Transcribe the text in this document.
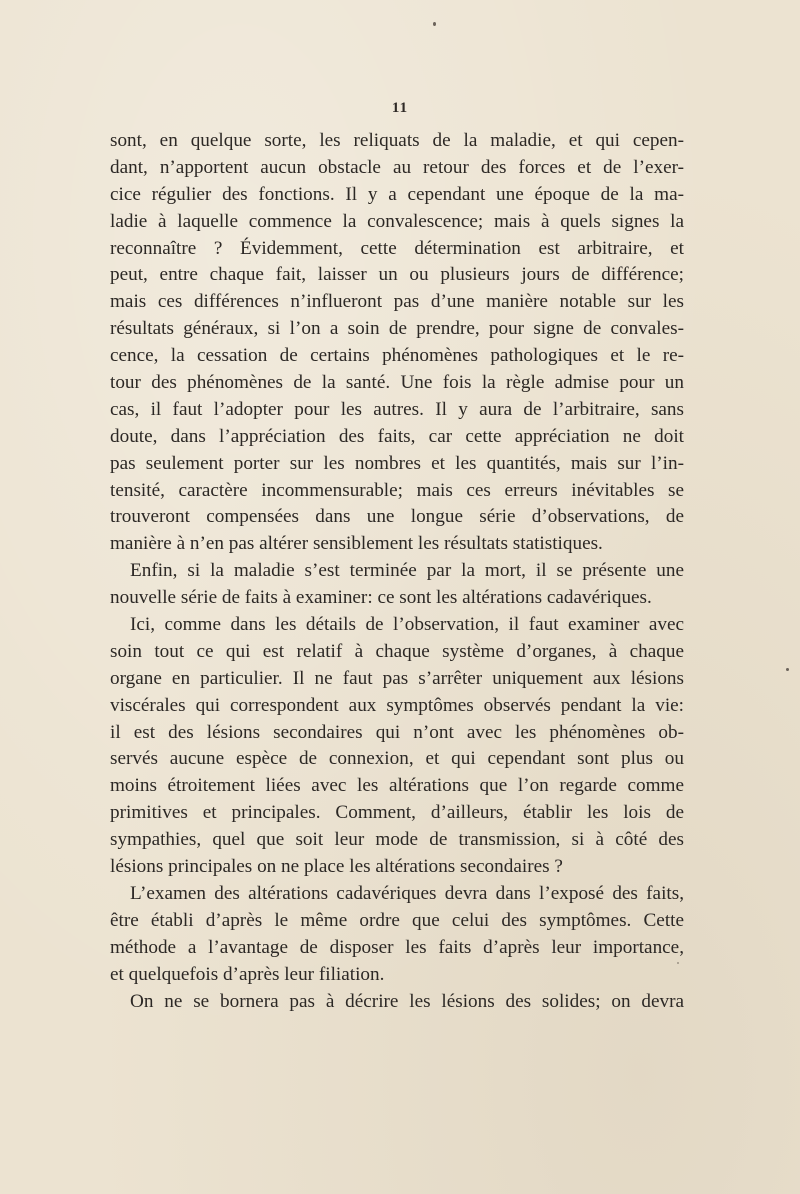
11
sont, en quelque sorte, les reliquats de la maladie, et qui cepen-
dant, n’apportent aucun obstacle au retour des forces et de l’exer-
cice régulier des fonctions. Il y a cependant une époque de la ma-
ladie à laquelle commence la convalescence; mais à quels signes la
reconnaître ? Évidemment, cette détermination est arbitraire, et
peut, entre chaque fait, laisser un ou plusieurs jours de différence;
mais ces différences n’influeront pas d’une manière notable sur les
résultats généraux, si l’on a soin de prendre, pour signe de convales-
cence, la cessation de certains phénomènes pathologiques et le re-
tour des phénomènes de la santé. Une fois la règle admise pour un
cas, il faut l’adopter pour les autres. Il y aura de l’arbitraire, sans
doute, dans l’appréciation des faits, car cette appréciation ne doit
pas seulement porter sur les nombres et les quantités, mais sur l’in-
tensité, caractère incommensurable; mais ces erreurs inévitables se
trouveront compensées dans une longue série d’observations, de
manière à n’en pas altérer sensiblement les résultats statistiques.
Enfin, si la maladie s’est terminée par la mort, il se présente une
nouvelle série de faits à examiner: ce sont les altérations cadavériques.
Ici, comme dans les détails de l’observation, il faut examiner avec
soin tout ce qui est relatif à chaque système d’organes, à chaque
organe en particulier. Il ne faut pas s’arrêter uniquement aux lésions
viscérales qui correspondent aux symptômes observés pendant la vie:
il est des lésions secondaires qui n’ont avec les phénomènes ob-
servés aucune espèce de connexion, et qui cependant sont plus ou
moins étroitement liées avec les altérations que l’on regarde comme
primitives et principales. Comment, d’ailleurs, établir les lois de
sympathies, quel que soit leur mode de transmission, si à côté des
lésions principales on ne place les altérations secondaires ?
L’examen des altérations cadavériques devra dans l’exposé des faits,
être établi d’après le même ordre que celui des symptômes. Cette
méthode a l’avantage de disposer les faits d’après leur importance,
et quelquefois d’après leur filiation.
On ne se bornera pas à décrire les lésions des solides; on devra
